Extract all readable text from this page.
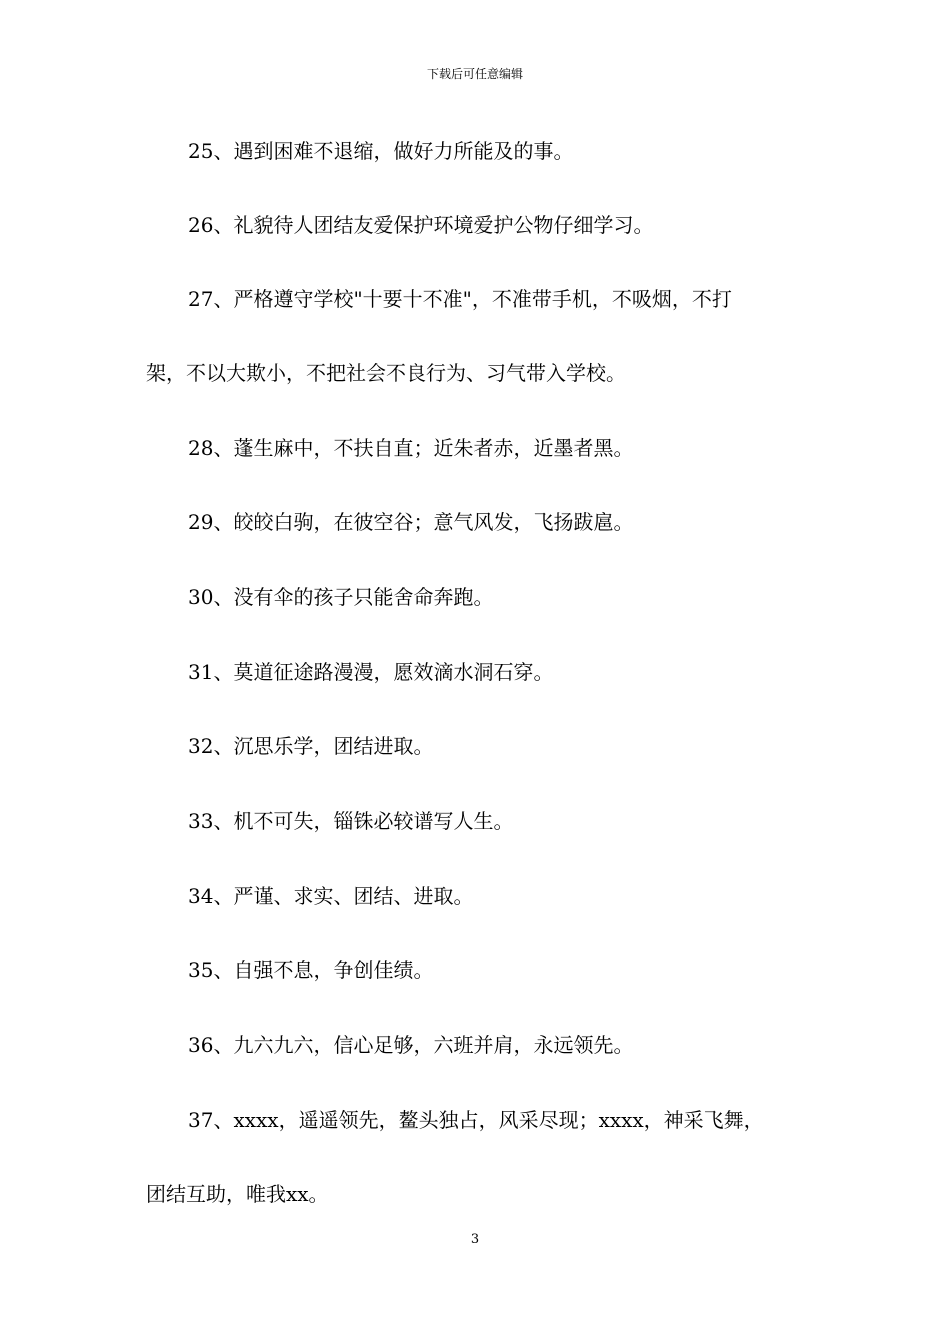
下载后可任意编辑
25、遇到困难不退缩，做好力所能及的事。
26、礼貌待人团结友爱保护环境爱护公物仔细学习。
27、严格遵守学校"十要十不准"，不准带手机，不吸烟，不打
架，不以大欺小，不把社会不良行为、习气带入学校。
28、蓬生麻中，不扶自直；近朱者赤，近墨者黑。
29、皎皎白驹，在彼空谷；意气风发，飞扬跋扈。
30、没有伞的孩子只能舍命奔跑。
31、莫道征途路漫漫，愿效滴水洞石穿。
32、沉思乐学，团结进取。
33、机不可失，锱铢必较谱写人生。
34、严谨、求实、团结、进取。
35、自强不息，争创佳绩。
36、九六九六，信心足够，六班并肩，永远领先。
37、xxxx，遥遥领先，鳌头独占，风采尽现；xxxx，神采飞舞，
团结互助，唯我xx。
3
